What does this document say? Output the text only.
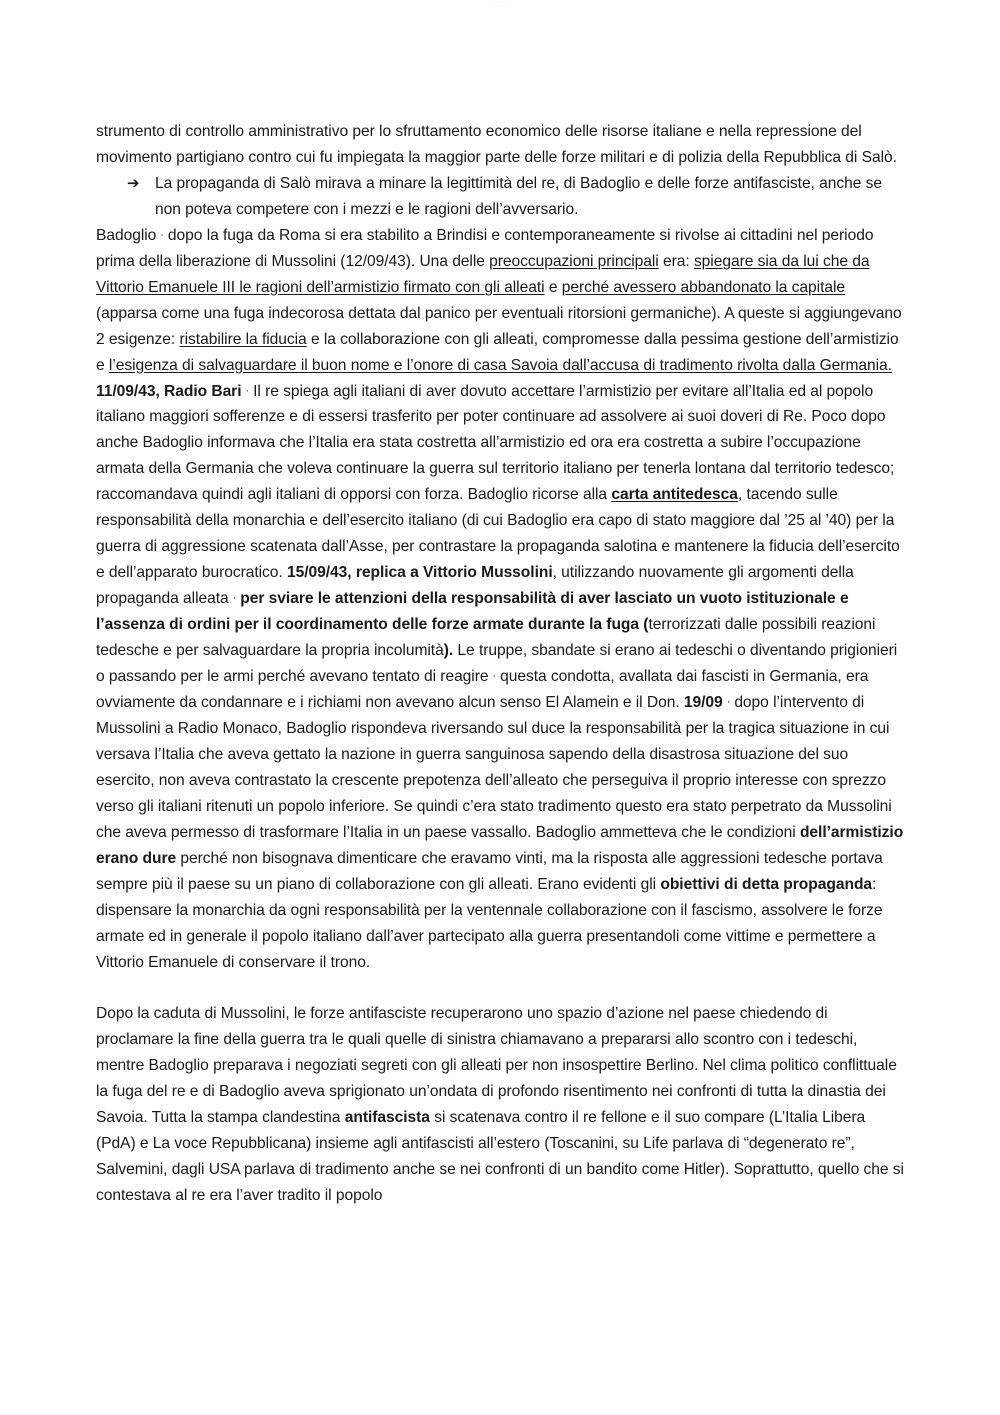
· · · · ·

strumento di controllo amministrativo per lo sfruttamento economico delle risorse italiane e nella repressione del movimento partigiano contro cui fu impiegata la maggior parte delle forze militari e di polizia della Repubblica di Salò.

➔ La propaganda di Salò mirava a minare la legittimità del re, di Badoglio e delle forze antifasciste, anche se non poteva competere con i mezzi e le ragioni dell’avversario.

Badoglio · dopo la fuga da Roma si era stabilito a Brindisi e contemporaneamente si rivolse ai cittadini nel periodo prima della liberazione di Mussolini (12/09/43). Una delle preoccupazioni principali era: spiegare sia da lui che da Vittorio Emanuele III le ragioni dell’armistizio firmato con gli alleati e perché avessero abbandonato la capitale (apparsa come una fuga indecorosa dettata dal panico per eventuali ritorsioni germaniche). A queste si aggiungevano 2 esigenze: ristabilire la fiducia e la collaborazione con gli alleati, compromesse dalla pessima gestione dell’armistizio e l’esigenza di salvaguardare il buon nome e l’onore di casa Savoia dall’accusa di tradimento rivolta dalla Germania. 11/09/43, Radio Bari · Il re spiega agli italiani di aver dovuto accettare l’armistizio per evitare all’Italia ed al popolo italiano maggiori sofferenze e di essersi trasferito per poter continuare ad assolvere ai suoi doveri di Re. Poco dopo anche Badoglio informava che l’Italia era stata costretta all’armistizio ed ora era costretta a subire l’occupazione armata della Germania che voleva continuare la guerra sul territorio italiano per tenerla lontana dal territorio tedesco; raccomandava quindi agli italiani di opporsi con forza. Badoglio ricorse alla carta antitedesca, tacendo sulle responsabilità della monarchia e dell’esercito italiano (di cui Badoglio era capo di stato maggiore dal ’25 al ’40) per la guerra di aggressione scatenata dall’Asse, per contrastare la propaganda salotina e mantenere la fiducia dell’esercito e dell’apparato burocratico. 15/09/43, replica a Vittorio Mussolini, utilizzando nuovamente gli argomenti della propaganda alleata · per sviare le attenzioni della responsabilità di aver lasciato un vuoto istituzionale e l’assenza di ordini per il coordinamento delle forze armate durante la fuga (terrorizzati dalle possibili reazioni tedesche e per salvaguardare la propria incolumità). Le truppe, sbandate si erano ai tedeschi o diventando prigionieri o passando per le armi perché avevano tentato di reagire · questa condotta, avallata dai fascisti in Germania, era ovviamente da condannare e i richiami non avevano alcun senso El Alamein e il Don. 19/09 · dopo l’intervento di Mussolini a Radio Monaco, Badoglio rispondeva riversando sul duce la responsabilità per la tragica situazione in cui versava l’Italia che aveva gettato la nazione in guerra sanguinosa sapendo della disastrosa situazione del suo esercito, non aveva contrastato la crescente prepotenza dell’alleato che perseguiva il proprio interesse con sprezzo verso gli italiani ritenuti un popolo inferiore. Se quindi c’era stato tradimento questo era stato perpetrato da Mussolini che aveva permesso di trasformare l’Italia in un paese vassallo. Badoglio ammetteva che le condizioni dell’armistizio erano dure perché non bisognava dimenticare che eravamo vinti, ma la risposta alle aggressioni tedesche portava sempre più il paese su un piano di collaborazione con gli alleati. Erano evidenti gli obiettivi di detta propaganda: dispensare la monarchia da ogni responsabilità per la ventennale collaborazione con il fascismo, assolvere le forze armate ed in generale il popolo italiano dall’aver partecipato alla guerra presentandoli come vittime e permettere a Vittorio Emanuele di conservare il trono.

Dopo la caduta di Mussolini, le forze antifasciste recuperarono uno spazio d’azione nel paese chiedendo di proclamare la fine della guerra tra le quali quelle di sinistra chiamavano a prepararsi allo scontro con i tedeschi, mentre Badoglio preparava i negoziati segreti con gli alleati per non insospettire Berlino. Nel clima politico conflittuale la fuga del re e di Badoglio aveva sprigionato un’ondata di profondo risentimento nei confronti di tutta la dinastia dei Savoia. Tutta la stampa clandestina antifascista si scatenava contro il re fellone e il suo compare (L’Italia Libera (PdA) e La voce Repubblicana) insieme agli antifascisti all’estero (Toscanini, su Life parlava di “degenerato re”, Salvemini, dagli USA parlava di tradimento anche se nei confronti di un bandito come Hitler). Soprattutto, quello che si contestava al re era l’aver tradito il popolo
